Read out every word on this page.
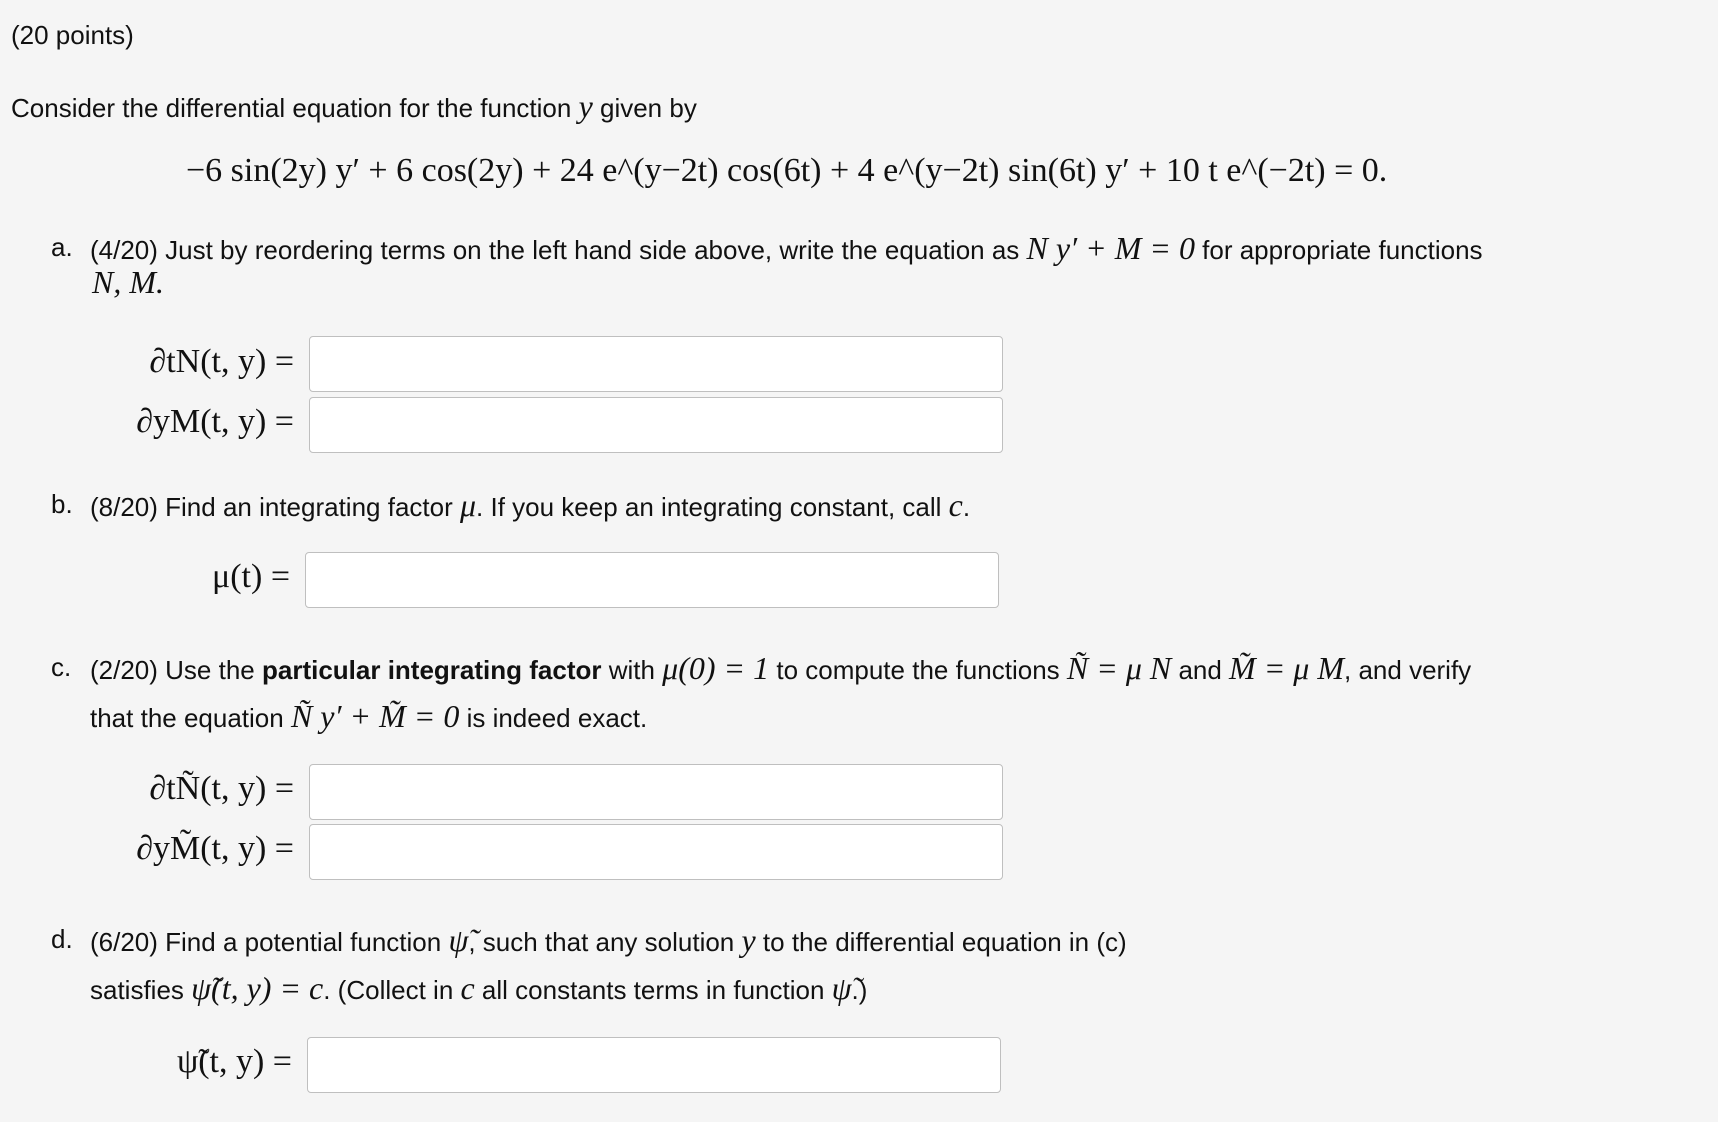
(20 points)
Consider the differential equation for the function y given by
−6 sin(2y) y′ + 6 cos(2y) + 24 e^(y−2t) cos(6t) + 4 e^(y−2t) sin(6t) y′ + 10 t e^(−2t) = 0.
a. (4/20) Just by reordering terms on the left hand side above, write the equation as N y′ + M = 0 for appropriate functions
N, M.
∂tN(t, y) =
∂yM(t, y) =
b. (8/20) Find an integrating factor μ. If you keep an integrating constant, call c.
μ(t) =
c. (2/20) Use the particular integrating factor with μ(0) = 1 to compute the functions Ñ = μ N and M̃ = μ M, and verify
that the equation Ñ y′ + M̃ = 0 is indeed exact.
∂tÑ(t, y) =
∂yM̃(t, y) =
d. (6/20) Find a potential function ψ̃, such that any solution y to the differential equation in (c)
satisfies ψ̃(t, y) = c. (Collect in c all constants terms in function ψ̃.)
ψ̃(t, y) =
